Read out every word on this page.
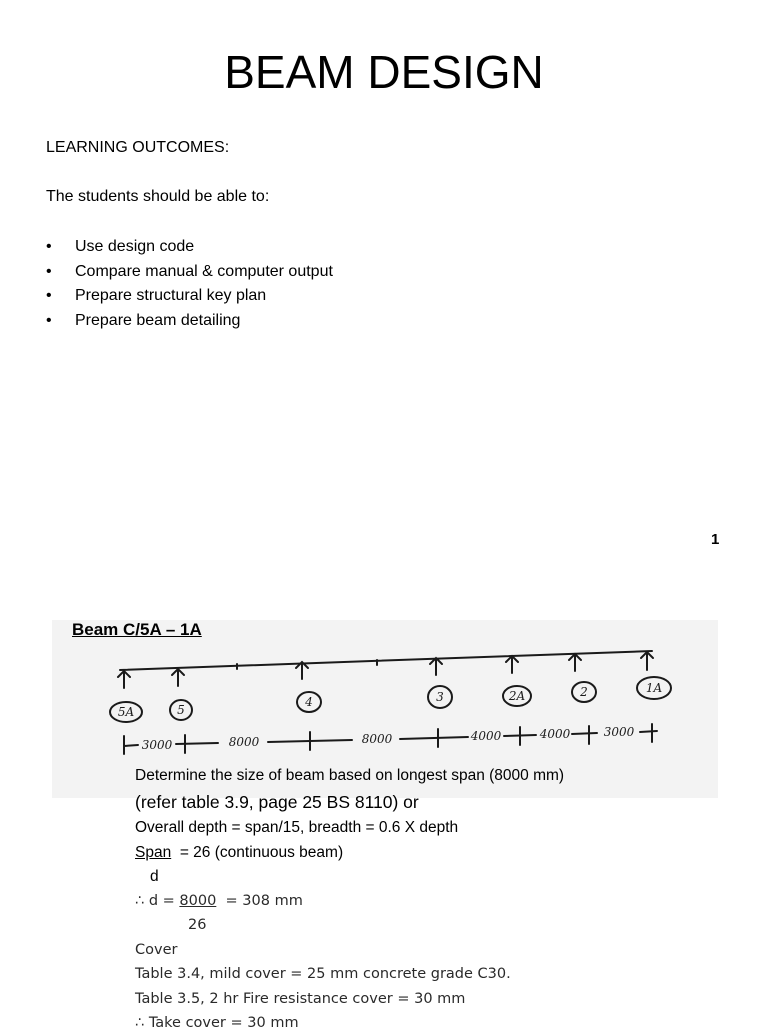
BEAM DESIGN
LEARNING OUTCOMES:
The students should be able to:
• Use design code
• Compare manual & computer output
• Prepare structural key plan
• Prepare beam detailing
1
Beam C/5A – 1A
5A	5
4	3	2A	2	1A
3000	8000	8000	4000	4000	3000
Determine the size of beam based on longest span (8000 mm)
(refer table 3.9, page 25 BS 8110) or
Overall depth = span/15, breadth = 0.6 X depth
Span = 26 (continuous beam)
d
∴ d = 8000 = 308 mm
26
Cover
Table 3.4, mild cover = 25 mm concrete grade C30.
Table 3.5, 2 hr Fire resistance cover = 30 mm
∴ Take cover = 30 mm
